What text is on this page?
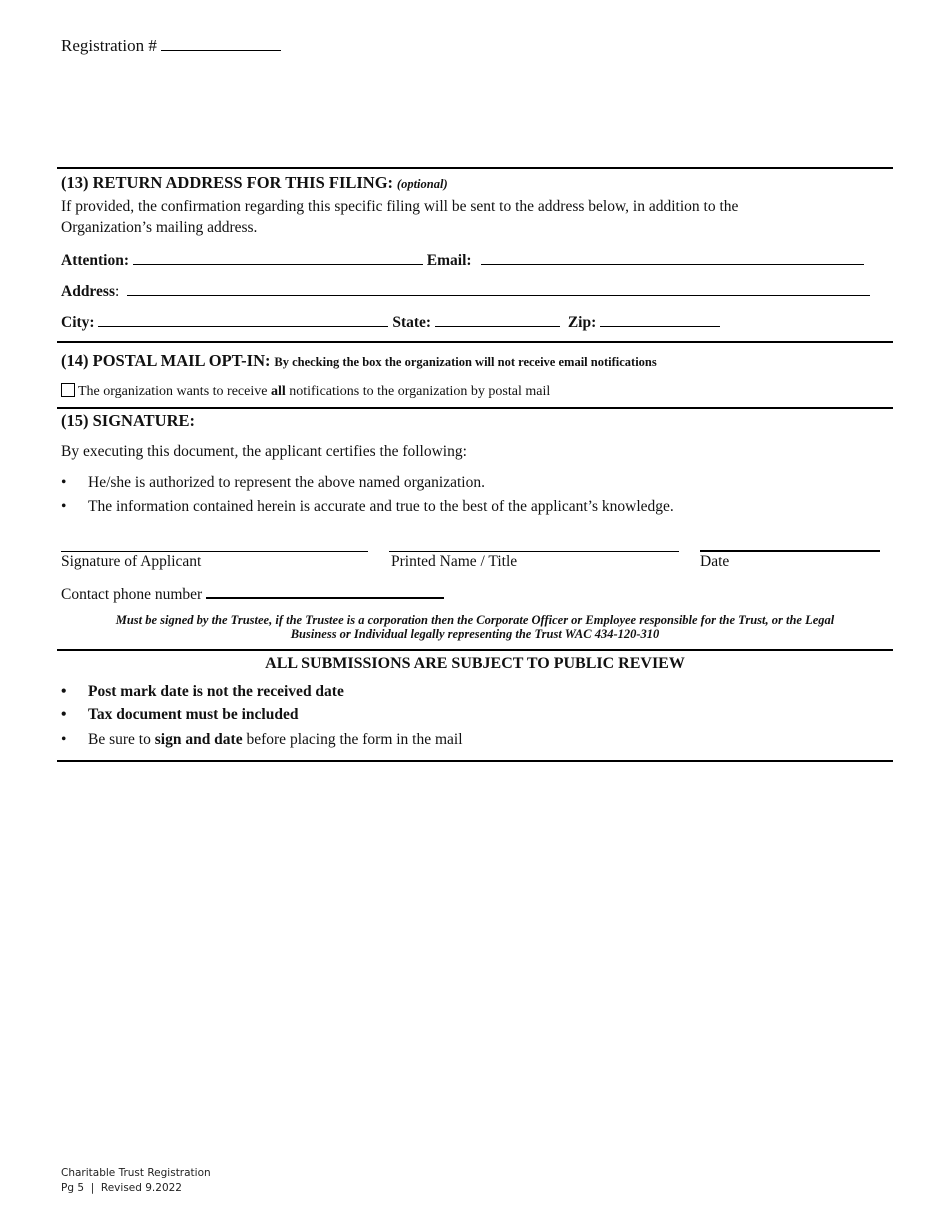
Registration #
(13) RETURN ADDRESS FOR THIS FILING: (optional)
If provided, the confirmation regarding this specific filing will be sent to the address below, in addition to the
Organization’s mailing address.
Attention:	Email:
Address:
City:	State:	Zip:
(14) POSTAL MAIL OPT-IN: By checking the box the organization will not receive email notifications
The organization wants to receive all notifications to the organization by postal mail
(15) SIGNATURE:
By executing this document, the applicant certifies the following:
• He/she is authorized to represent the above named organization.
• The information contained herein is accurate and true to the best of the applicant’s knowledge.
Signature of Applicant	Printed Name / Title	Date
Contact phone number
Must be signed by the Trustee, if the Trustee is a corporation then the Corporate Officer or Employee responsible for the Trust, or the Legal
Business or Individual legally representing the Trust WAC 434-120-310
ALL SUBMISSIONS ARE SUBJECT TO PUBLIC REVIEW
• Post mark date is not the received date
• Tax document must be included
• Be sure to sign and date before placing the form in the mail
Charitable Trust Registration
Pg 5  |  Revised 9.2022
